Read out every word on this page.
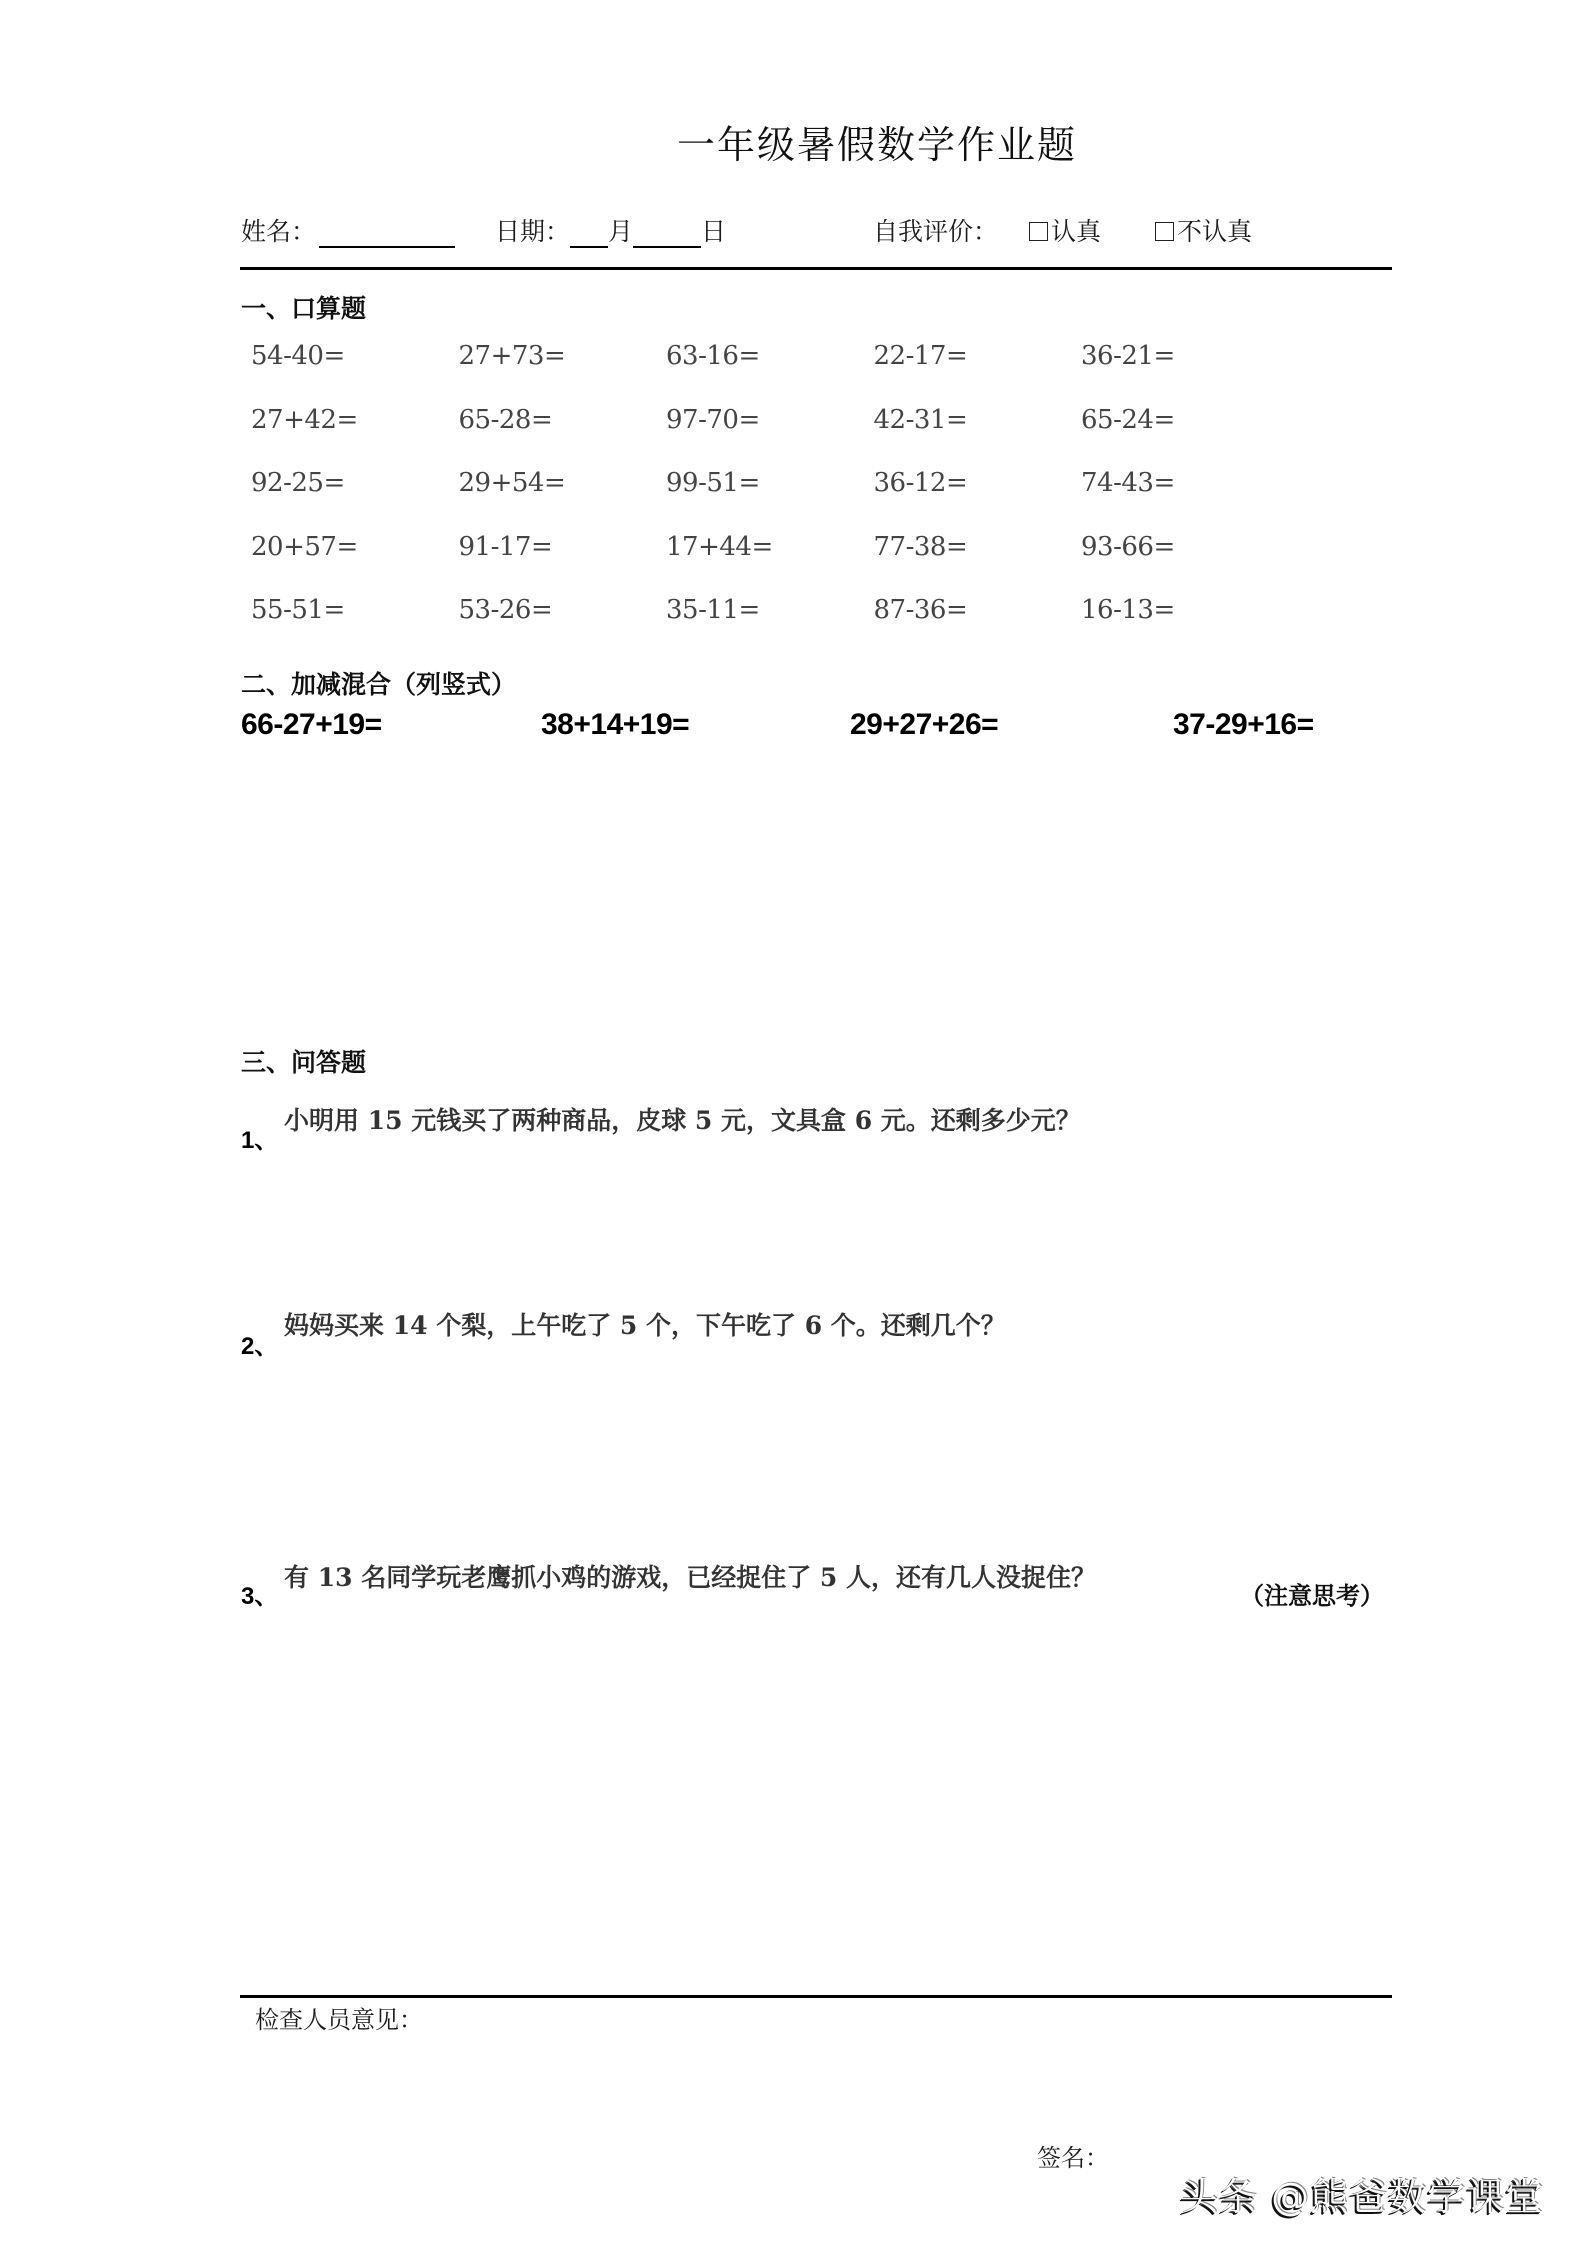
一年级暑假数学作业题
姓名：	日期： 月	日	自我评价：	认真	不认真
一、口算题
54-40=	27+73=	63-16=	22-17=	36-21=
27+42=	65-28=	97-70=	42-31=	65-24=
92-25=	29+54=	99-51=	36-12=	74-43=
20+57=	91-17=	17+44=	77-38=	93-66=
55-51=	53-26=	35-11=	87-36=	16-13=
二、加减混合（列竖式）
66-27+19=	38+14+19=	29+27+26=	37-29+16=
三、问答题
1、
小明用 15 元钱买了两种商品，皮球 5 元，文具盒 6 元。还剩多少元？
2、
妈妈买来 14 个梨，上午吃了 5 个，下午吃了 6 个。还剩几个？
3、
有 13 名同学玩老鹰抓小鸡的游戏，已经捉住了 5 人，还有几人没捉住？
（注意思考）
检查人员意见：
签名：
头条 @熊爸数学课堂
